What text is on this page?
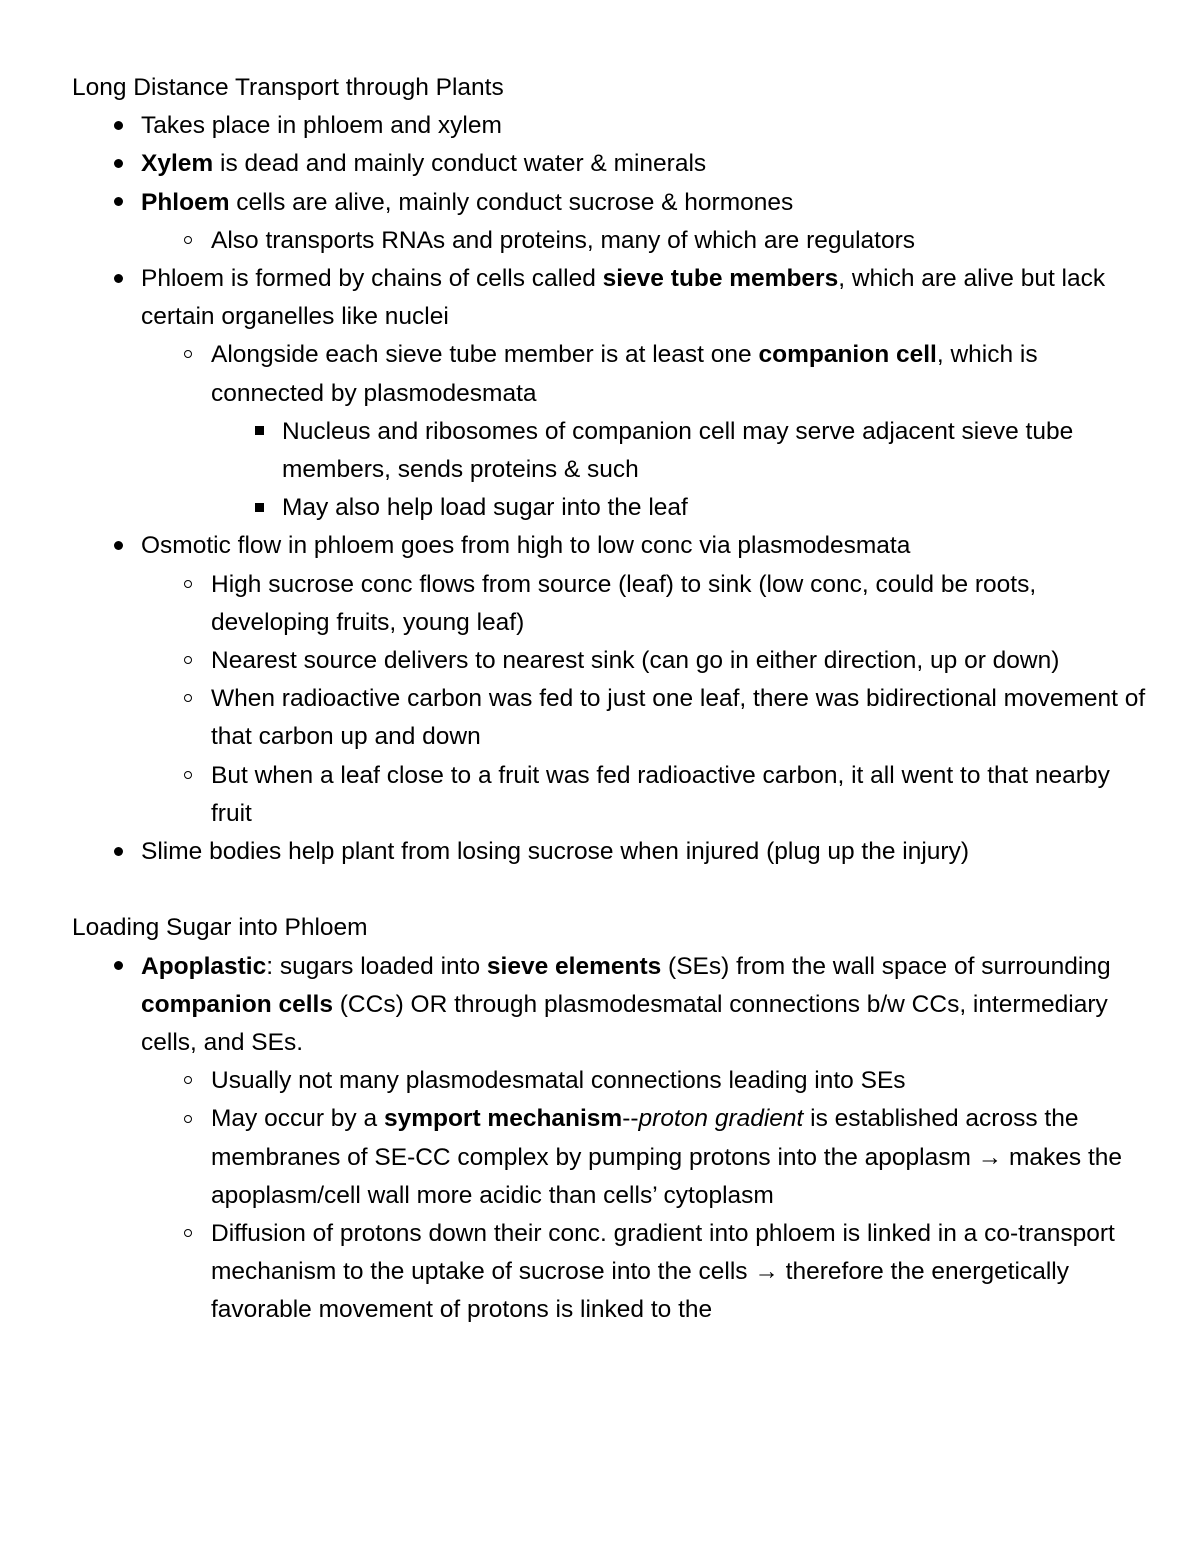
Long Distance Transport through Plants

Takes place in phloem and xylem
Xylem is dead and mainly conduct water & minerals
Phloem cells are alive, mainly conduct sucrose & hormones
Also transports RNAs and proteins, many of which are regulators
Phloem is formed by chains of cells called sieve tube members, which are alive but lack certain organelles like nuclei
Alongside each sieve tube member is at least one companion cell, which is connected by plasmodesmata
Nucleus and ribosomes of companion cell may serve adjacent sieve tube members, sends proteins & such
May also help load sugar into the leaf
Osmotic flow in phloem goes from high to low conc via plasmodesmata
High sucrose conc flows from source (leaf) to sink (low conc, could be roots, developing fruits, young leaf)
Nearest source delivers to nearest sink (can go in either direction, up or down)
When radioactive carbon was fed to just one leaf, there was bidirectional movement of that carbon up and down
But when a leaf close to a fruit was fed radioactive carbon, it all went to that nearby fruit
Slime bodies help plant from losing sucrose when injured (plug up the injury)

Loading Sugar into Phloem

Apoplastic: sugars loaded into sieve elements (SEs) from the wall space of surrounding companion cells (CCs) OR through plasmodesmatal connections b/w CCs, intermediary cells, and SEs.
Usually not many plasmodesmatal connections leading into SEs
May occur by a symport mechanism--proton gradient is established across the membranes of SE-CC complex by pumping protons into the apoplasm → makes the apoplasm/cell wall more acidic than cells’ cytoplasm
Diffusion of protons down their conc. gradient into phloem is linked in a co-transport mechanism to the uptake of sucrose into the cells → therefore the energetically favorable movement of protons is linked to the
